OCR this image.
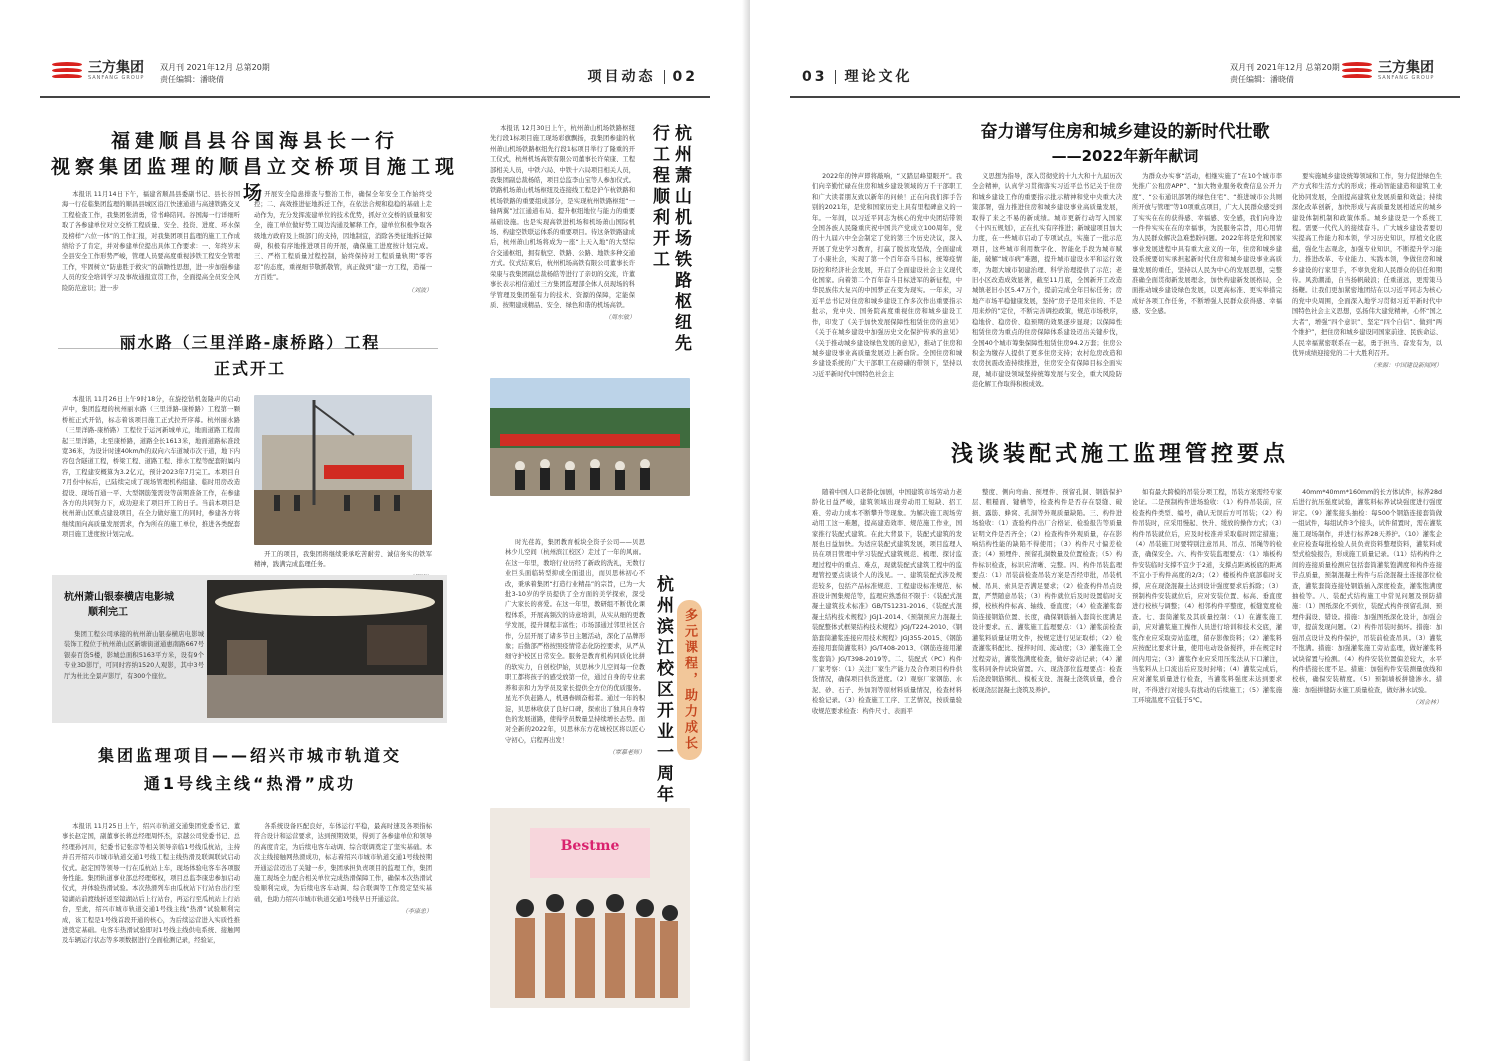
三方集团
SANFANG GROUP
双月刊 2021年12月 总第20期
责任编辑：潘晓倩	项目动态 02
福建顺昌县谷国海县长一行
视察集团监理的顺昌立交桥项目施工现场

本报讯 11月14日下午，福建省顺昌县委副书记、县长谷国海一行莅临集团监理的顺昌县城区沿江快速通道与高速铁路交叉工程检查工作，我集团张清勇，常书峰陪同。谷国海一行详细听取了各参建单位对立交桥工程质量、安全、投资、进度、环水保及榜样“六位一体”的工作汇报，对我集团项目监理的施工工作成绩给予了肯定，并对参建单位提出具体工作要求：一、年终岁末全县安全工作形势严峻，管理人员要高度重视涉铁工程安全管理工作，牢固树立“防患胜于救灾”的前瞻性思想，进一步加强参建人员的安全培训学习及事故通报宣贯工作，全面提高全员安全风险防范意识；进一步

开展安全隐患排查与整治工作，确保全年安全工作始终受控；二、高效推进征地拆迁工作，在依法合规和稳稳的基础上走动作为，充分发挥流建单位的技术优势，抓好立交桥的质量和安全，施工单位做好势工周边沟通及解释工作，建单位积极争取各级地方政府及上级部门的支持，因地制宜，消除各类征地拆迁障碍，积极有序地推进项目的开展，确保施工进度按计划完成。三、严格工程质量过程控制，始终保持对工程质量轨期“零容忍”的态度，重视细节敬抓敬管，真正做到“建一方工程，造福一方百姓”。

（刘波）
丽水路（三里洋路-康桥路）工程
正式开工

本报讯 11月26日上午9时18分，在旋挖钻机轰隆声的启动声中，集团监理的杭州丽水路（三里洋路-康桥路）工程第一颗桥桩正式开钻，标志着该项目施工正式拉开序幕。杭州丽水路（三里洋路-康桥路）工程位于运河新城单元，地面道路工程南起三里洋路，北至康桥路，道路全长1613米，地面道路标准段宽36米，为设计时速40km/h的双向六车道城市次干道，地下内容包含隧道工程，桥梁工程、道路工程、排水工程等配套附属内容，工程建安概算为3.2亿元，预计2023年7月完工。本项目自7月份中标后，已陆续完成了现场管理机构组建、临时用房改造提设、现场百通一平、大型钢筋笼需设等前期准备工作，在参建各方的共同努力下，成功迎来了项目开工的日子。当前本项目是杭州萧山区重点建设项目，在全力做好施工的同时，参建各方将继续面向高质量发展需求，作为所在的施工单位，推进各类配套项目施工进度按计划完成。

开工的项目，我集团将继续秉承吃苦耐劳、诚信务实的铁军精神，践满完成监理任务。

杭州萧山银泰横店电影城
顺利完工

集团工程公司承接的杭州萧山银泰横店电影城装饰工程位于杭州萧山区新塘街道通惠南路667号银泰百货5楼，影城总面积5163平方米，设有9个专业3D影厅，可同时容纳1520人观影，其中3号厅为杜比全景声影厅，有300个座位。

集团监理项目——绍兴市城市轨道交
通1号线主线“热滑”成功

本报讯 11月25日上午，绍兴市轨道交通集团党委书记、董事长赵定国，副董事长蒋总经理周怀杰，京越公司党委书记、总经理孙河川，纪委书记张彦等相关领导亲临1号线瓜杭站，主持并召开绍兴市城市轨道交通1号线工程主线热滑及联调联试启动仪式。赵定国等领导一行在瓜杭站上车，现场体验电客车各项服务性能。集团轨道事业部总经理郑权，项目总监李康忠参加启动仪式，并体验热滑试验。本次热滑列车由瓜杭站下行站台出行至镜湖站前渡线折返至镜湖站后上行站台，再运行至瓜杭站上行站台，至此，绍兴市城市轨道交通1号线主线“热滑”试验顺利完成，该工程是1号线首段开通的核心，为后续运营进入实质性推进奠定基础。电客车热滑试验即对1号线主线供电系统、接触网及车辆运行状态等多项数据进行全面检测记录，经验证，

各系统设备匹配良好，车体运行平稳，最高时速及各项指标符合设计和运营要求，达到预期效果，得到了各参建单位和领导的高度肯定，为后续电客车动调、综合联调奠定了坚实基础。本次主线接触网热滑成功，标志着绍兴市城市轨道交通1号线按期开通运营迈出了关键一步，集团承担负责项目的监理工作，集团施工现场全力配合相关单位完成热滑保障工作，确保本次热滑试验顺利完成，为后续电客车动调、综合联调等工作奠定坚实基础，也助力绍兴市城市轨道交通1号线早日开通运营。

（李康忠）

本报讯 12月30日上午，杭州萧山机场铁路枢纽先行段1标项目施工现场彩旗飘扬，我集团参建的杭州萧山机场铁路枢纽先行段1标项目举行了隆重的开工仪式，杭州机场高铁有限公司董事长许荣康、工程部相关人员，中铁六局、中铁十六局项目相关人员，我集团副总裁杨皓，项目总监李山宝等人参加仪式。铁路机场萧山机场枢纽及连接线工程是沪乍杭铁路和机场铁路的重要组成部分，是实现杭州铁路枢纽“一轴两翼”过江通道布局、提升枢纽地位与能力的重要基础设施。也是实现高铁进机场和机场萧山国际机场、构建空铁联运体系的重要项目。待这条铁路建成后，杭州萧山机场将成为一座“上天入地”的大型综合交通枢纽，拥有航空、铁路、公路、地铁多种交通方式。仪式结束后，杭州机场高铁有限公司董事长许荣康与我集团副总裁杨皓等进行了亲切的交流，许董事长表示相信通过三方集团监理部全体人员现场的科学管理及集团强有力的技术、资源的保障，定能保质、按期建成精品、安全、绿色和谐的机场高铁。

（周东敏）	杭州萧山机场铁路枢纽先行工程顺利开工

时光荏苒，集团教育板块全资子公司——贝思林少儿空间（杭州滨江校区）走过了一年的风雨。在这一年里，教培行业历经了新政的洗礼，无数行业巨头面临转型抑或全面退出，而贝思林初心不改，秉承着集团“打造行业精品”的宗旨，已为一大批3-10岁的学员提供了全方面的美学探索，深受广大家长的喜爱。在这一年里，教研组不断优化课程体系，开展高频次的诗意培训，从实从细的更教学发展，提升课程丰富性；市场部通过邻里社区合作，分层开展了诸多节日主题活动，深化了品牌形象；后勤部严格按照疫情常态化防控要求，从严从细守护校区日常安全。服务是教育机构同质化比拼的软实力，自创校伊始，贝思林少儿空间每一位教职工都将孩子的感受放第一位，通过自身的专业素养和亲和力为学员及家长提供全方位的优质服务。星光不负赶路人，机遇眷顾奋楫者。通过一年的积淀，贝思林收获了良好口碑，探索出了独具自身特色的发展道路，使得学员数量呈持续增长态势。面对全新的2022年，贝思林东方花城校区将以匠心守初心，启程再出发！

（覃慕老师） 杭州滨江校区开业一周年 多元课程，助力成长
Bestme
03 理论文化
双月刊 2021年12月 总第20期
责任编辑：潘晓倩
三方集团
SANFANG GROUP
奋力谱写住房和城乡建设的新时代壮歌
——2022年新年献词

2022年的钟声即将敲响，“又踏层峰望眼开”。我们向辛勤忙碌在住房和城乡建设领域的万千干部职工和广大读者朋友致以新年的问候！正在向我们挥手告别的2021年，是党和国家历史上具有里程碑意义的一年。一年间，以习近平同志为核心的党中央团结带领全国各族人民隆重庆祝中国共产党成立100周年，党的十九届六中全会制定了党的第三个历史决议，深入开展了党史学习教育，打赢了脱贫攻坚战，全面建成了小康社会，实现了第一个百年奋斗目标，统筹疫情防控和经济社会发展，开启了全面建设社会主义现代化国家。向着第二个百年奋斗目标进军的新征程，中华民族伟大复兴的中国梦正在变为现实。一年来，习近平总书记对住房和城乡建设工作多次作出重要指示批示，党中央、国务院高度重视住房和城乡建设工作，印发了《关于加快发展保障性租赁住房的意见》《关于在城乡建设中加强历史文化保护传承的意见》《关于推动城乡建设绿色发展的意见》，推动了住房和城乡建设事业高质量发展迈上新台阶。全国住房和城乡建设系统的广大干部职工在磅礴的带领下，坚持以习近平新时代中国特色社会主

义思想为指导，深入贯彻党的十九大和十九届历次全会精神，认真学习贯彻落实习近平总书记关于住房和城乡建设工作的重要指示批示精神和党中央重大决策部署，强力推进住房和城乡建设事业高质量发展，取得了来之不易的新成绩。城市更新行动写入国家《十四五规划》，正在扎实有序推进；新城建项目加大力度，在一些城市启动了专项试点，实施了一批示范项目，这些城市利用数字化、智能化手段为城市赋能，破解“城市病”难题，提升城市建设水平和运行效率，为超大城市韧建治理、科学治理提供了示范；老旧小区改造成效显著，截至11月底，全国新开工改造城镇老旧小区5.47万个，提前完成全年目标任务；房地产市场平稳健康发展，坚持“房子是用来住的、不是用来炒的”定位，不断完善调控政策，规范市场秩序，稳地价、稳房价、稳预期的效果逐步显现；以保障性租赁住房为重点的住房保障体系建设迈出关键步伐，全国40个城市筹集保障性租赁住房94.2万套；住房公积金为缴存人提供了更多住房支持；农村危房改造和农房抗震改造持续推进，住房安全有保障目标全面实现，城市建设领域坚持统筹发展与安全，重大风险防范化解工作取得积极成效。

为群众办实事“活动，相继实施了“在10个城市率先推广公租房APP”、“加大物业服务收费信息公开力度”、“公布通讯部署的绿色住宅”、“推进城市公共厕所开放与管理”等10项重点项目，广大人民群众感受到了实实在在的获得感、幸福感、安全感，我们向身边一件件实实在在的幸福事，为民服务宗旨，用心用情为人民群众解决急难愁盼问题。2022年将是党和国家事业发展进程中具有重大意义的一年，住房和城乡建设系统要切实承担起新时代住房和城乡建设事业高质量发展的重任，坚持以人民为中心的发展思想，完整准确全面贯彻新发展理念，加快构建新发展格局，全面推动城乡建设绿色发展，以更高标准、更实举措完成好各项工作任务，不断增强人民群众获得感、幸福感、安全感。

要实施城乡建设统筹领域和工作，努力促进绿色生产方式和生活方式的形成；推动智能建造和建筑工业化协同发展，全面提高建筑业发展质量和效益；持续深化改革创新，加快形成与高质量发展相适应的城乡建设体制机制和政策体系。城乡建设是一个系统工程。需要一代代人的接续奋斗。广大城乡建设者要切实提高工作能力和本领，学习历史知识，厚植文化底蕴，强化生态观念，加强专业知识，不断提升学习能力、推进改革、专业能力、实践本领，争做住房和城乡建设的行家里手，不辜负党和人民群众的信任和期待。风劲潮涌，自当扬帆破浪；任重道远，更需策马扬鞭。让我们更加紧密地团结在以习近平同志为核心的党中央周围，全面深入地学习贯彻习近平新时代中国特色社会主义思想，弘扬伟大建党精神，心怀“国之大者”，增强“四个意识”、坚定“四个自信”、做到“两个维护”，把住房和城乡建设同国家前途、民族命运、人民幸福紧密联系在一起，勇于担当、奋发有为，以优异成绩迎接党的二十大胜利召开。

（来源：中国建设新闻网）
浅谈装配式施工监理管控要点

随着中国人口老龄化加剧，中国建筑市场劳动力老龄化日益严峻，建筑领域出现劳动用工短缺、招工难、劳动力成本不断攀升等现象。为解决施工现场劳动用工这一难题，提高建造效率、规范施工作业，国家推行装配式建筑。在此大背景下，装配式建筑的发展也日益加快。为适应装配式建筑发展，项目监理人员在项目管理中学习装配式建筑规范、梳理、探讨监理过程中的重点、难点，现就装配式建筑工程中的监理管控要点谈谈个人的浅见。一、建筑装配式涉及规范较多，包括产品标准规范、工程建设标准规范、标准设计图集规范等，监理应熟悉但不限于：《装配式混凝土建筑技术标准》GB/T51231-2016、《装配式混凝土结构技术规程》JGJ1-2014、《预制预应力混凝土装配整体式框架结构技术规程》JGJ/T224-2010、《钢筋套筒灌浆连接应用技术规程》JGJ355-2015、《钢筋连接用套筒灌浆料》JG/T408-2013、《钢筋连接用灌浆套筒》JG/T398-2019等。二、装配式（PC）构件厂家考察：（1）关注厂家生产能力及合作项目构件供货情况，确保项目供货进度。（2）观察厂家钢筋、水泥、砂、石子、外加剂等原材料质量情况，检查材料检验记录。（3）检查施工工序、工艺情况，按质量验收规范要求检查：构件尺寸、表面平

整度、侧向弯曲、预埋件、预留孔洞、钢筋保护层、粗糙面、键槽等，检查构件是否存在裂缝、破损、露筋、蜂窝、孔洞等外观质量缺陷。三、构件进场验收：（1）查验构件出厂合格证、检验报告等质量证明文件是否齐全；（2）检查构件外观质量，存在影响结构性能的缺陷不得使用；（3）构件尺寸偏差检查；（4）预埋件、预留孔洞数量及位置检查；（5）构件标识检查，标识应清晰、完整。四、构件吊装监理要点：（1）吊装前检查吊装方案是否经审批，吊装机械、吊具、索具是否满足要求；（2）检查构件吊点设置，严禁随意吊装；（3）构件就位后及时设置临时支撑，校核构件标高、轴线、垂直度；（4）检查灌浆套筒连接钢筋位置、长度，确保钢筋插入套筒长度满足设计要求。五、灌浆施工监理要点：（1）灌浆前检查灌浆料质量证明文件，按规定进行见证取样；（2）检查灌浆料配比、搅拌时间、流动度；（3）灌浆施工全过程旁站，灌浆饱满度检查，做好旁站记录；（4）灌浆料同条件试块留置。六、现浇部位监理要点：检查后浇段钢筋绑扎、模板支设、混凝土浇筑质量，叠合板现浇层混凝土浇筑及养护。

如有最大跨模的吊装分项工程，吊装方案需经专家论证。二是预制构件进场验收：（1）构件吊装前，应检查构件类型、编号，确认无误后方可吊装；（2）构件吊装时，应采用慢起、快升、缓放的操作方式；（3）构件吊装就位后，应及时校准并采取临时固定措施；（4）吊装施工时要特别注意吊具、吊点、吊绳等的检查，确保安全。六、构件安装监理要点：（1）墙板构件安装临时支撑不宜少于2道，支撑点距离板底的距离不宜小于构件高度的2/3；（2）楼板构件底部临时支撑，应在现浇混凝土达到设计强度要求后拆除；（3）预制构件安装就位后，应对安装位置、标高、垂直度进行校核与调整；（4）相邻构件平整度，板缝宽度检查。七、套筒灌浆及其质量控制：（1）在灌浆施工前，应对灌浆施工操作人员进行培训和技术交底，灌浆作业应采取旁站监理，留存影像资料；（2）灌浆料应按配比要求计量，使用电动设备搅拌，并在规定时间内用完；（3）灌浆作业应采用压浆法从下口灌注，当浆料从上口流出后应及时封堵；（4）灌浆完成后，应对灌浆质量进行检查，当灌浆料强度未达到要求时，不得进行对接头有扰动的后续施工；（5）灌浆施工环境温度不宜低于5℃。

40mm*40mm*160mm的长方体试件，标养28d后进行抗压强度试验，灌浆料标养试块强度进行强度评定。（9）灌浆接头抽检：每500个钢筋连接套筒做一组试件，每组试件3个接头，试件留置时，需在灌浆施工现场制作，并进行标养28天养护。（10）灌浆企业应检查每批检验人员负责资料整理资料，灌浆料或型式检验报告，形成施工质量记录。（11）结构构件之间的连接质量检测应包括套筒灌浆饱满度和构件连接节点质量，预制混凝土构件与后浇混凝土连接部位检查，灌浆套筒连接处钢筋插入深度检查，灌浆饱满度抽检等。八、装配式结构施工中常见问题及预防措施：（1）图纸深化不到位，装配式构件预留孔洞、预埋件漏设、错设。措施：加强图纸深化设计，加强会审，提前发现问题。（2）构件吊装时损坏。措施：加强吊点设计及构件保护，吊装前检查吊具。（3）灌浆不饱满。措施：加强灌浆施工旁站监理，做好灌浆料试块留置与检测。（4）构件安装位置偏差较大，水平构件搭接长度不足。措施：加强构件安装测量放线和校核，确保安装精度。（5）预制墙板拼缝渗水。措施：加强拼缝防水施工质量检查，做好淋水试验。

（刘会林）
